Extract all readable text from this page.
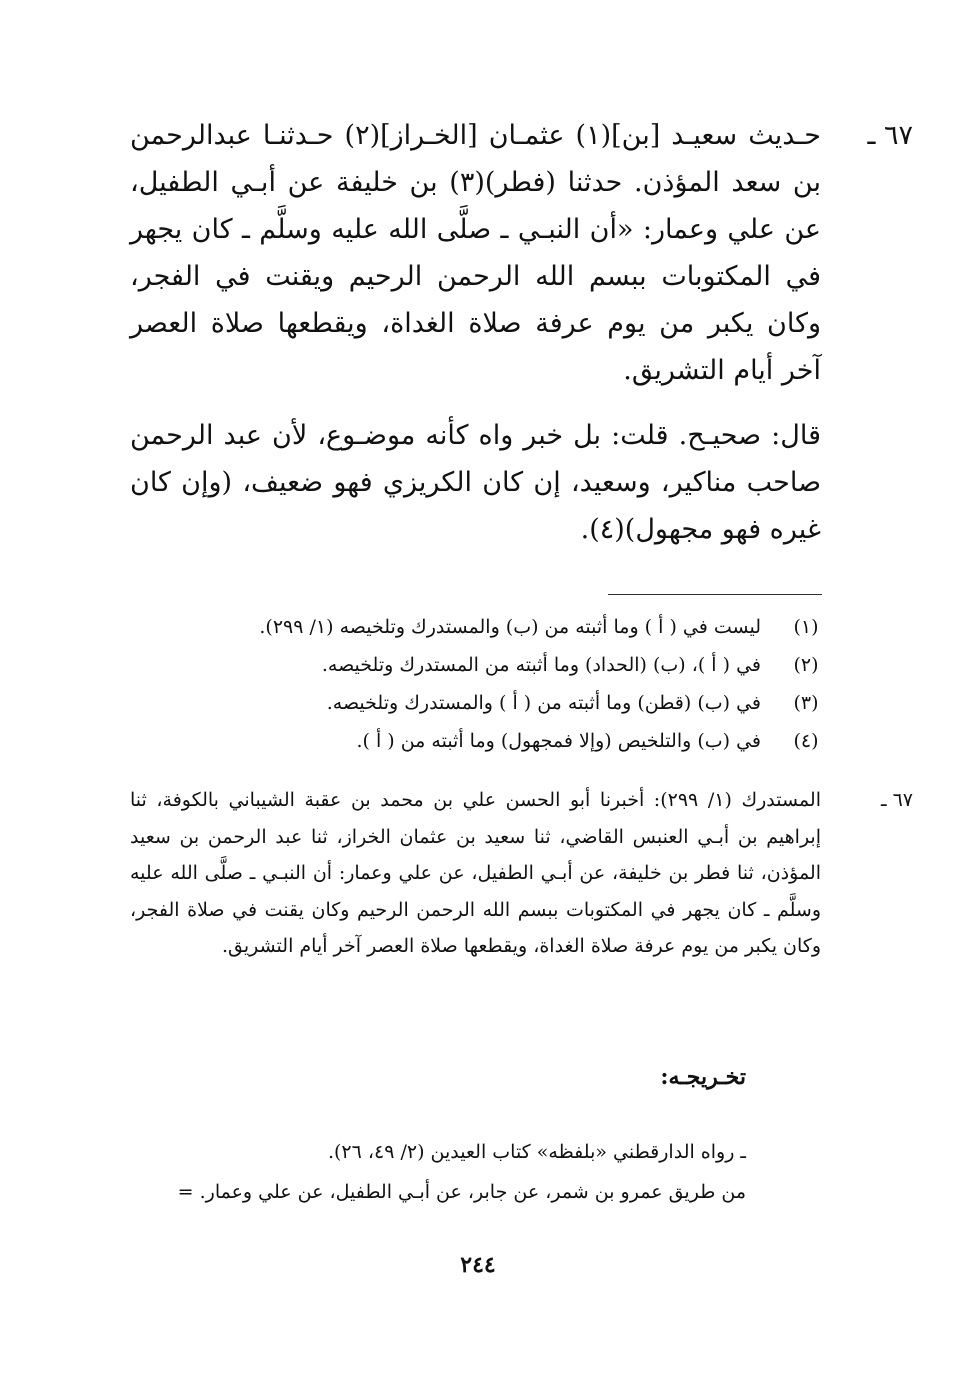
٦٧ ـ
حـديث سعيـد [بن](١) عثمـان [الخـراز](٢) حـدثنـا عبدالرحمن بن سعد المؤذن. حدثنا (فطر)(٣) بن خليفة عن أبـي الطفيل، عن علي وعمار: «أن النبـي ـ صلَّى الله عليه وسلَّم ـ كان يجهر في المكتوبات ببسم الله الرحمن الرحيم ويقنت في الفجر، وكان يكبر من يوم عرفة صلاة الغداة، ويقطعها صلاة العصر آخر أيام التشريق.
قال: صحيـح. قلت: بل خبر واه كأنه موضـوع، لأن عبد الرحمن صاحب مناكير، وسعيد، إن كان الكريزي فهو ضعيف، (وإن كان غيره فهو مجهول)(٤).
(١)
ليست في ( أ ) وما أثبته من (ب) والمستدرك وتلخيصه (١/ ٢٩٩).
(٢)
في ( أ )، (ب) (الحداد) وما أثبته من المستدرك وتلخيصه.
(٣)
في (ب) (قطن) وما أثبته من ( أ ) والمستدرك وتلخيصه.
(٤)
في (ب) والتلخيص (وإلا فمجهول) وما أثبته من ( أ ).
٦٧ ـ
المستدرك (١/ ٢٩٩): أخبرنا أبو الحسن علي بن محمد بن عقبة الشيباني بالكوفة، ثنا إبراهيم بن أبـي العنبس القاضي، ثنا سعيد بن عثمان الخراز، ثنا عبد الرحمن بن سعيد المؤذن، ثنا فطر بن خليفة، عن أبـي الطفيل، عن علي وعمار: أن النبـي ـ صلَّى الله عليه وسلَّم ـ كان يجهر في المكتوبات ببسم الله الرحمن الرحيم وكان يقنت في صلاة الفجر، وكان يكبر من يوم عرفة صلاة الغداة، ويقطعها صلاة العصر آخر أيام التشريق.
تخـريجـه:
ـ رواه الدارقطني «بلفظه» كتاب العيدين (٢/ ٤٩، ٢٦).
من طريق عمرو بن شمر، عن جابر، عن أبـي الطفيل، عن علي وعمار. =
٢٤٤
